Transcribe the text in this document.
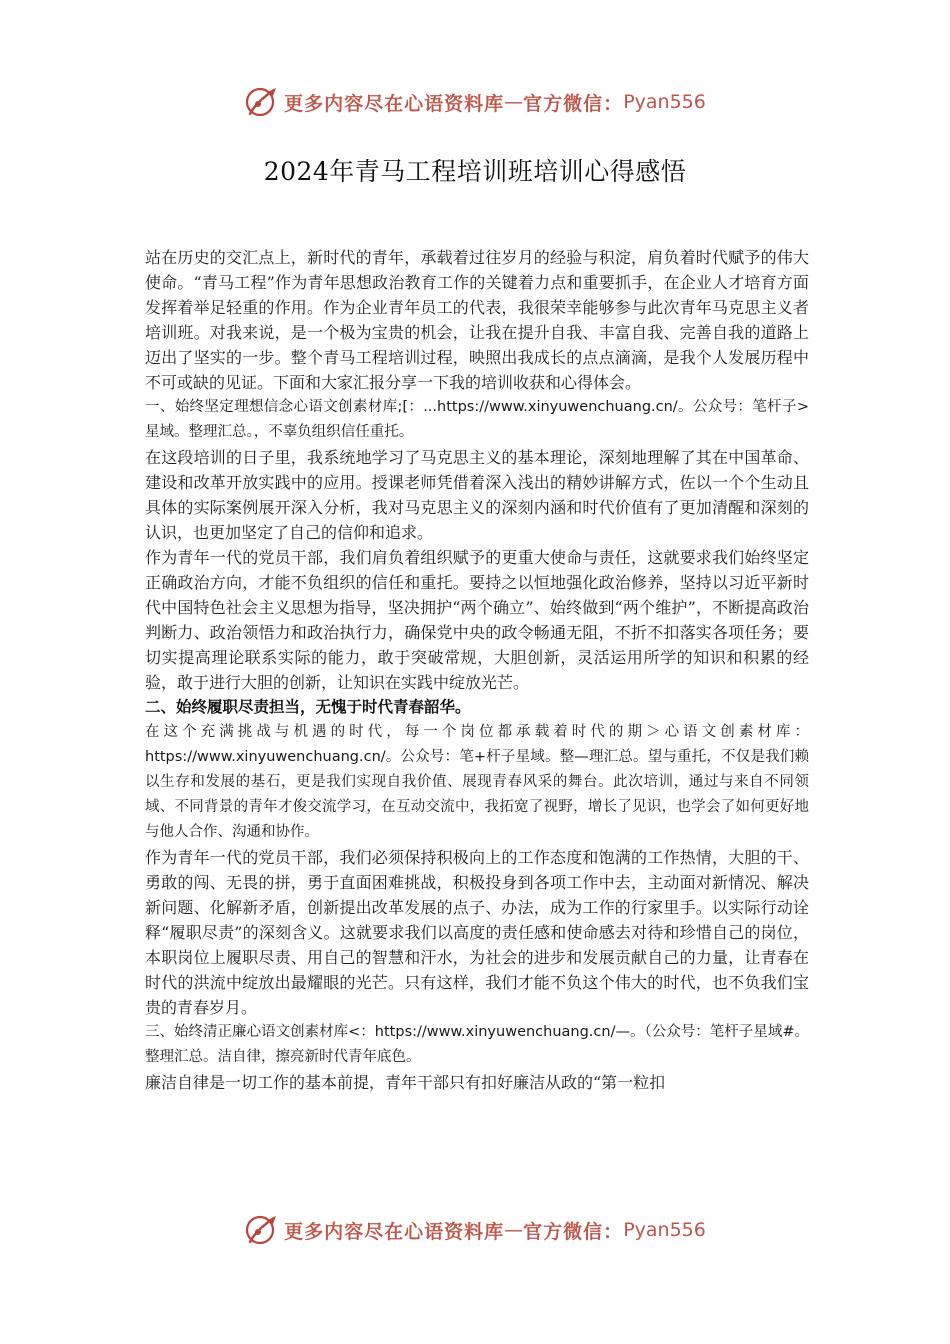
更多内容尽在心语资料库 — 官方微信： Pyan556
2024年青马工程培训班培训心得感悟

站在历史的交汇点上，新时代的青年，承载着过往岁月的经验与积淀，肩负着时代赋予的伟大使命。“青马工程”作为青年思想政治教育工作的关键着力点和重要抓手，在企业人才培育方面发挥着举足轻重的作用。作为企业青年员工的代表，我很荣幸能够参与此次青年马克思主义者培训班。对我来说，是一个极为宝贵的机会，让我在提升自我、丰富自我、完善自我的道路上迈出了坚实的一步。整个青马工程培训过程，映照出我成长的点点滴滴，是我个人发展历程中不可或缺的见证。下面和大家汇报分享一下我的培训收获和心得体会。

一、始终坚定理想信念心语文创素材库;[：...https://www.xinyuwenchuang.cn/。公众号：笔杆子>星域。整理汇总。，不辜负组织信任重托。

在这段培训的日子里，我系统地学习了马克思主义的基本理论，深刻地理解了其在中国革命、建设和改革开放实践中的应用。授课老师凭借着深入浅出的精妙讲解方式，佐以一个个生动且具体的实际案例展开深入分析，我对马克思主义的深刻内涵和时代价值有了更加清醒和深刻的认识，也更加坚定了自己的信仰和追求。

作为青年一代的党员干部，我们肩负着组织赋予的更重大使命与责任，这就要求我们始终坚定正确政治方向，才能不负组织的信任和重托。要持之以恒地强化政治修养，坚持以习近平新时代中国特色社会主义思想为指导，坚决拥护“两个确立”、始终做到“两个维护”，不断提高政治判断力、政治领悟力和政治执行力，确保党中央的政令畅通无阻，不折不扣落实各项任务；要切实提高理论联系实际的能力，敢于突破常规，大胆创新，灵活运用所学的知识和积累的经验，敢于进行大胆的创新，让知识在实践中绽放光芒。

二、始终履职尽责担当，无愧于时代青春韶华。

在这个充满挑战与机遇的时代，每一个岗位都承载着时代的期＞心语文创素材库：https://www.xinyuwenchuang.cn/。公众号：笔+杆子星域。整—理汇总。望与重托，不仅是我们赖以生存和发展的基石，更是我们实现自我价值、展现青春风采的舞台。此次培训，通过与来自不同领域、不同背景的青年才俊交流学习，在互动交流中，我拓宽了视野，增长了见识，也学会了如何更好地与他人合作、沟通和协作。

作为青年一代的党员干部，我们必须保持积极向上的工作态度和饱满的工作热情，大胆的干、勇敢的闯、无畏的拼，勇于直面困难挑战，积极投身到各项工作中去，主动面对新情况、解决新问题、化解新矛盾，创新提出改革发展的点子、办法，成为工作的行家里手。以实际行动诠释“履职尽责”的深刻含义。这就要求我们以高度的责任感和使命感去对待和珍惜自己的岗位，本职岗位上履职尽责、用自己的智慧和汗水，为社会的进步和发展贡献自己的力量，让青春在时代的洪流中绽放出最耀眼的光芒。只有这样，我们才能不负这个伟大的时代，也不负我们宝贵的青春岁月。

三、始终清正廉心语文创素材库<：https://www.xinyuwenchuang.cn/—。（公众号：笔杆子星域#。整理汇总。洁自律，擦亮新时代青年底色。

廉洁自律是一切工作的基本前提，青年干部只有扣好廉洁从政的“第一粒扣

更多内容尽在心语资料库 — 官方微信： Pyan556
